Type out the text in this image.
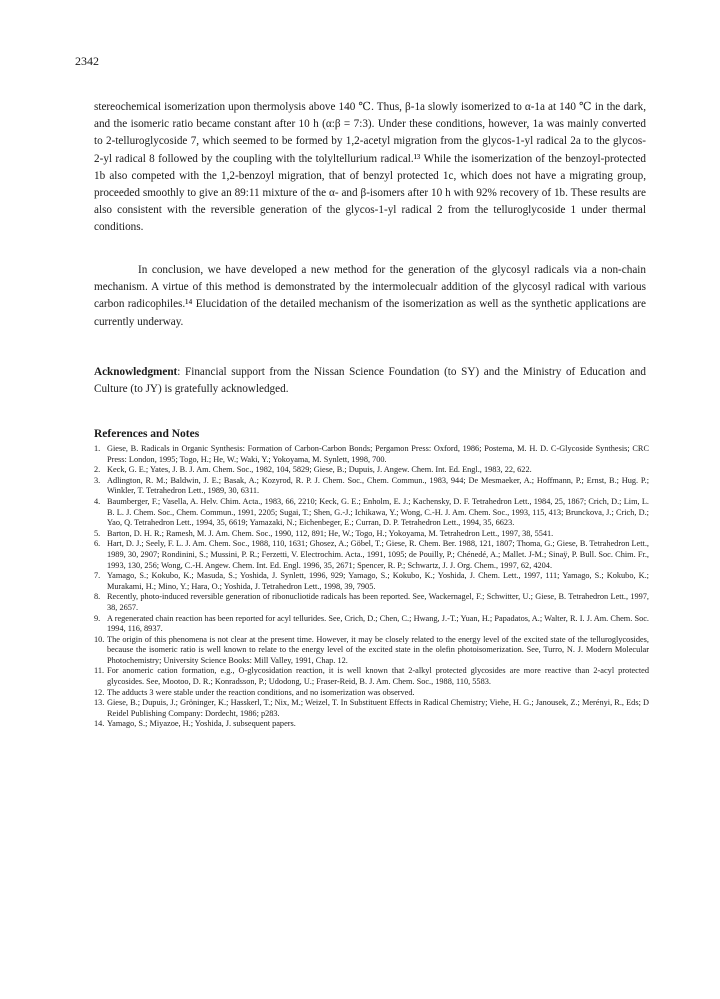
2342

stereochemical isomerization upon thermolysis above 140 ℃. Thus, β-1a slowly isomerized to α-1a at 140 ℃ in the dark, and the isomeric ratio became constant after 10 h (α:β = 7:3). Under these conditions, however, 1a was mainly converted to 2-telluroglycoside 7, which seemed to be formed by 1,2-acetyl migration from the glycos-1-yl radical 2a to the glycos-2-yl radical 8 followed by the coupling with the tolyltellurium radical.¹³ While the isomerization of the benzoyl-protected 1b also competed with the 1,2-benzoyl migration, that of benzyl protected 1c, which does not have a migrating group, proceeded smoothly to give an 89:11 mixture of the α- and β-isomers after 10 h with 92% recovery of 1b. These results are also consistent with the reversible generation of the glycos-1-yl radical 2 from the telluroglycoside 1 under thermal conditions.

In conclusion, we have developed a new method for the generation of the glycosyl radicals via a non-chain mechanism. A virtue of this method is demonstrated by the intermolecualr addition of the glycosyl radical with various carbon radicophiles.¹⁴ Elucidation of the detailed mechanism of the isomerization as well as the synthetic applications are currently underway.

Acknowledgment: Financial support from the Nissan Science Foundation (to SY) and the Ministry of Education and Culture (to JY) is gratefully acknowledged.

References and Notes
1. Giese, B. Radicals in Organic Synthesis: Formation of Carbon-Carbon Bonds; Pergamon Press: Oxford, 1986; Postema, M. H. D. C-Glycoside Synthesis; CRC Press: London, 1995; Togo, H.; He, W.; Waki, Y.; Yokoyama, M. Synlett, 1998, 700.
2. Keck, G. E.; Yates, J. B. J. Am. Chem. Soc., 1982, 104, 5829; Giese, B.; Dupuis, J. Angew. Chem. Int. Ed. Engl., 1983, 22, 622.
3. Adlington, R. M.; Baldwin, J. E.; Basak, A.; Kozyrod, R. P. J. Chem. Soc., Chem. Commun., 1983, 944; De Mesmaeker, A.; Hoffmann, P.; Ernst, B.; Hug. P.; Winkler, T. Tetrahedron Lett., 1989, 30, 6311.
4. Baumberger, F.; Vasella, A. Helv. Chim. Acta., 1983, 66, 2210; Keck, G. E.; Enholm, E. J.; Kachensky, D. F. Tetrahedron Lett., 1984, 25, 1867; Crich, D.; Lim, L. B. L. J. Chem. Soc., Chem. Commun., 1991, 2205; Sugai, T.; Shen, G.-J.; Ichikawa, Y.; Wong, C.-H. J. Am. Chem. Soc., 1993, 115, 413; Brunckova, J.; Crich, D.; Yao, Q. Tetrahedron Lett., 1994, 35, 6619; Yamazaki, N.; Eichenbeger, E.; Curran, D. P. Tetrahedron Lett., 1994, 35, 6623.
5. Barton, D. H. R.; Ramesh, M. J. Am. Chem. Soc., 1990, 112, 891; He, W.; Togo, H.; Yokoyama, M. Tetrahedron Lett., 1997, 38, 5541.
6. Hart, D. J.; Seely, F. L. J. Am. Chem. Soc., 1988, 110, 1631; Ghosez, A.; Göbel, T.; Giese, R. Chem. Ber. 1988, 121, 1807; Thoma, G.; Giese, B. Tetrahedron Lett., 1989, 30, 2907; Rondinini, S.; Mussini, P. R.; Ferzetti, V. Electrochim. Acta., 1991, 1095; de Pouilly, P.; Chénedé, A.; Mallet. J-M.; Sinaÿ, P. Bull. Soc. Chim. Fr., 1993, 130, 256; Wong, C.-H. Angew. Chem. Int. Ed. Engl. 1996, 35, 2671; Spencer, R. P.; Schwartz, J. J. Org. Chem., 1997, 62, 4204.
7. Yamago, S.; Kokubo, K.; Masuda, S.; Yoshida, J. Synlett, 1996, 929; Yamago, S.; Kokubo, K.; Yoshida, J. Chem. Lett., 1997, 111; Yamago, S.; Kokubo, K.; Murakami, H.; Mino, Y.; Hara, O.; Yoshida, J. Tetrahedron Lett., 1998, 39, 7905.
8. Recently, photo-induced reversible generation of ribonucliotide radicals has been reported. See, Wackernagel, F.; Schwitter, U.; Giese, B. Tetrahedron Lett., 1997, 38, 2657.
9. A regenerated chain reaction has been reported for acyl tellurides. See, Crich, D.; Chen, C.; Hwang, J.-T.; Yuan, H.; Papadatos, A.; Walter, R. I. J. Am. Chem. Soc. 1994, 116, 8937.
10. The origin of this phenomena is not clear at the present time. However, it may be closely related to the energy level of the excited state of the telluroglycosides, because the isomeric ratio is well known to relate to the energy level of the excited state in the olefin photoisomerization. See, Turro, N. J. Modern Molecular Photochemistry; University Science Books: Mill Valley, 1991, Chap. 12.
11. For anomeric cation formation, e.g., O-glycosidation reaction, it is well known that 2-alkyl protected glycosides are more reactive than 2-acyl protected glycosides. See, Mootoo, D. R.; Konradsson, P.; Udodong, U.; Fraser-Reid, B. J. Am. Chem. Soc., 1988, 110, 5583.
12. The adducts 3 were stable under the reaction conditions, and no isomerization was observed.
13. Giese, B.; Dupuis, J.; Gröninger, K.; Hasskerl, T.; Nix, M.; Weizel, T. In Substituent Effects in Radical Chemistry; Viehe, H. G.; Janousek, Z.; Merényi, R., Eds; D Reidel Publishing Company: Dordecht, 1986; p283.
14. Yamago, S.; Miyazoe, H.; Yoshida, J. subsequent papers.
